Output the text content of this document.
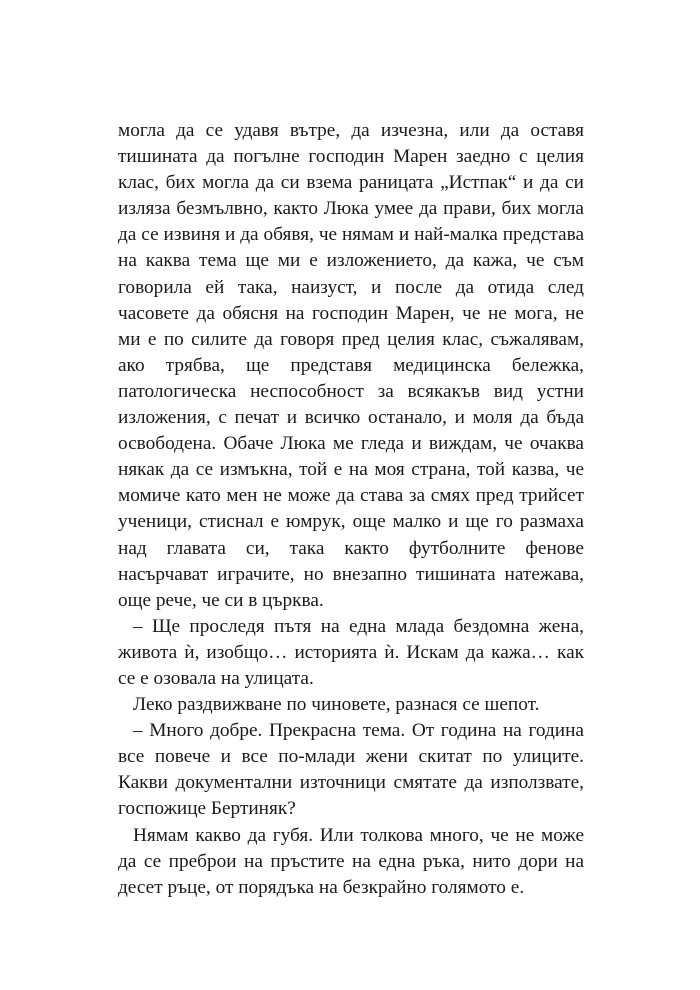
могла да се удавя вътре, да изчезна, или да оставя тишината да погълне господин Марен заедно с целия клас, бих могла да си взема раницата „Истпак“ и да си изляза безмълвно, както Люка умее да прави, бих могла да се извиня и да обявя, че нямам и най-малка представа на каква тема ще ми е изложението, да кажа, че съм говорила ей така, наизуст, и после да отида след часовете да обясня на господин Марен, че не мога, не ми е по силите да говоря пред целия клас, съжалявам, ако трябва, ще представя медицинска бележка, патологическа неспособност за всякакъв вид устни изложения, с печат и всичко останало, и моля да бъда освободена. Обаче Люка ме гледа и виждам, че очаква някак да се измъкна, той е на моя страна, той казва, че момиче като мен не може да става за смях пред трийсет ученици, стиснал е юмрук, още малко и ще го размаха над главата си, така както футболните фенове насърчават играчите, но внезапно тишината натежава, още рече, че си в църква.

– Ще проследя пътя на една млада бездомна жена, живота ѝ, изобщо… историята ѝ. Искам да кажа… как се е озовала на улицата.

Леко раздвижване по чиновете, разнася се шепот.

– Много добре. Прекрасна тема. От година на година все повече и все по-млади жени скитат по улиците. Какви документални източници смятате да използвате, госпожице Бертиняк?

Нямам какво да губя. Или толкова много, че не може да се преброи на пръстите на една ръка, нито дори на десет ръце, от порядъка на безкрайно голямото е.
